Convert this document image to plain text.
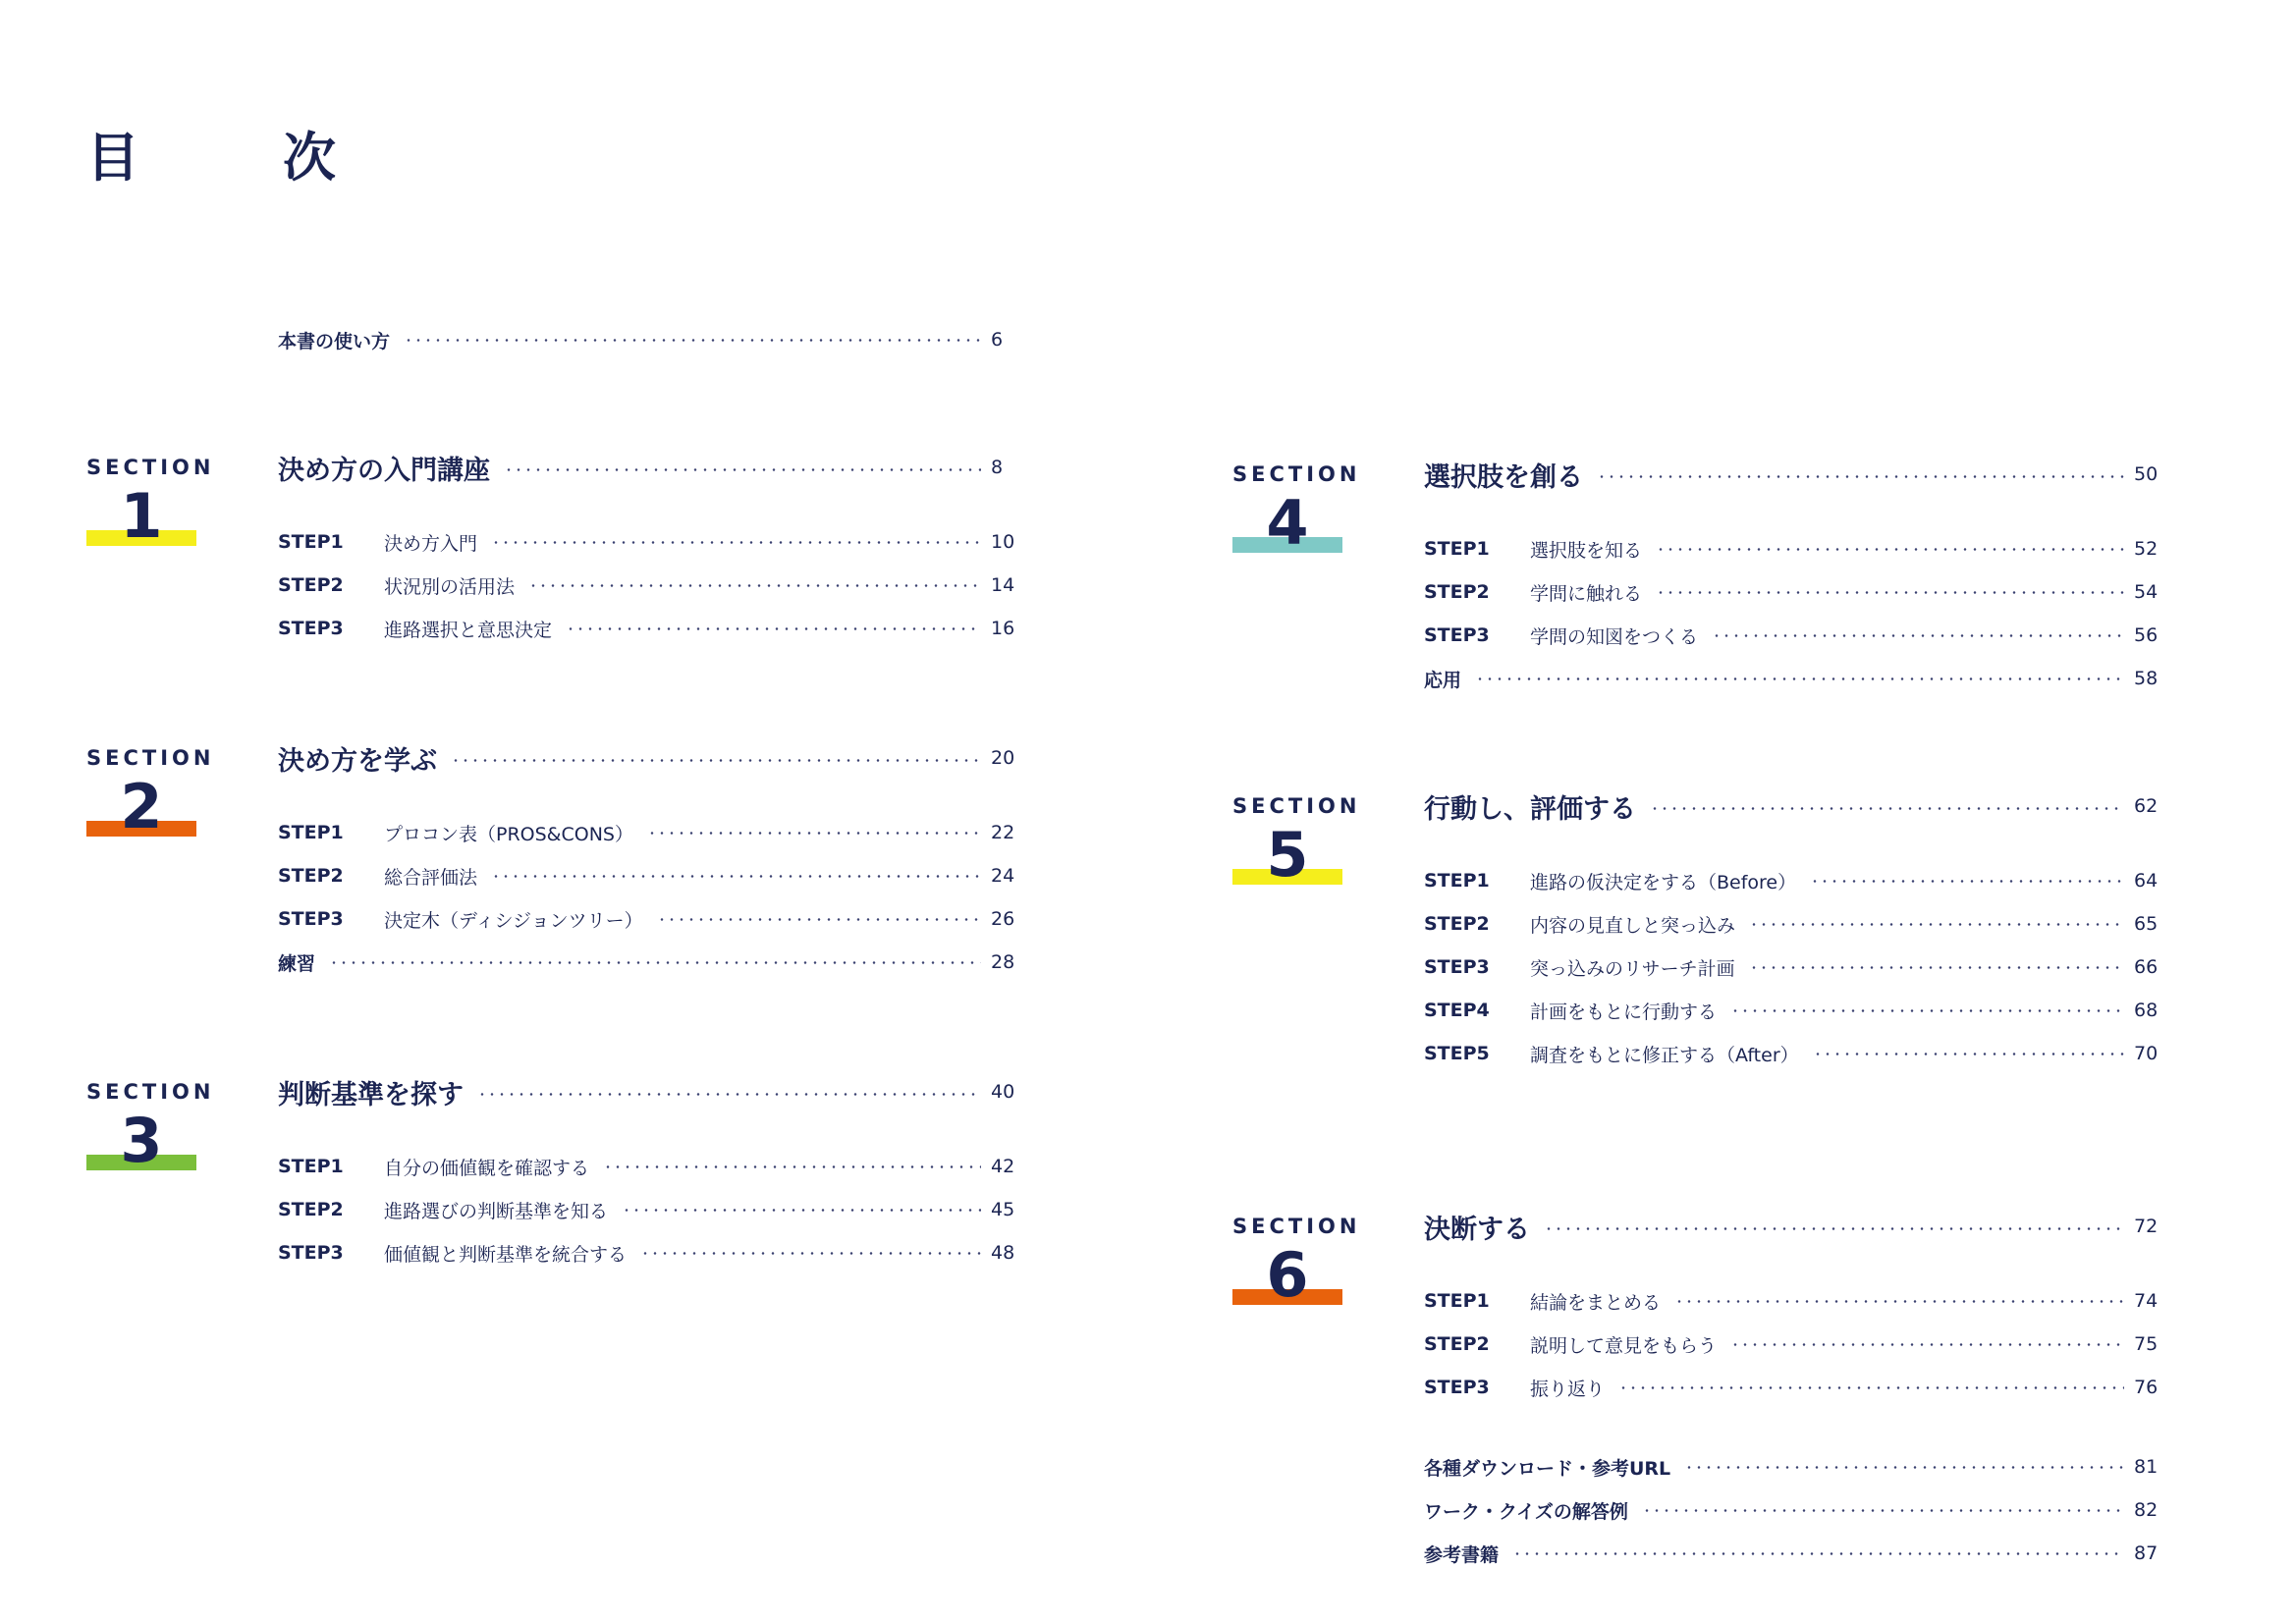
目　次
本書の使い方	6
SECTION
1
決め方の入門講座	8
STEP1	決め方入門	10
STEP2	状況別の活用法	14
STEP3	進路選択と意思決定	16
SECTION
2
決め方を学ぶ	20
STEP1	プロコン表（PROS&CONS）	22
STEP2	総合評価法	24
STEP3	決定木（ディシジョンツリー）	26
練習	28
SECTION
3
判断基準を探す	40
STEP1	自分の価値観を確認する	42
STEP2	進路選びの判断基準を知る	45
STEP3	価値観と判断基準を統合する	48
SECTION
4
選択肢を創る	50
STEP1	選択肢を知る	52
STEP2	学問に触れる	54
STEP3	学問の知図をつくる	56
応用	58
SECTION
5
行動し、評価する	62
STEP1	進路の仮決定をする（Before）	64
STEP2	内容の見直しと突っ込み	65
STEP3	突っ込みのリサーチ計画	66
STEP4	計画をもとに行動する	68
STEP5	調査をもとに修正する（After）	70
SECTION
6
決断する	72
STEP1	結論をまとめる	74
STEP2	説明して意見をもらう	75
STEP3	振り返り	76
各種ダウンロード・参考URL	81
ワーク・クイズの解答例	82
参考書籍	87
